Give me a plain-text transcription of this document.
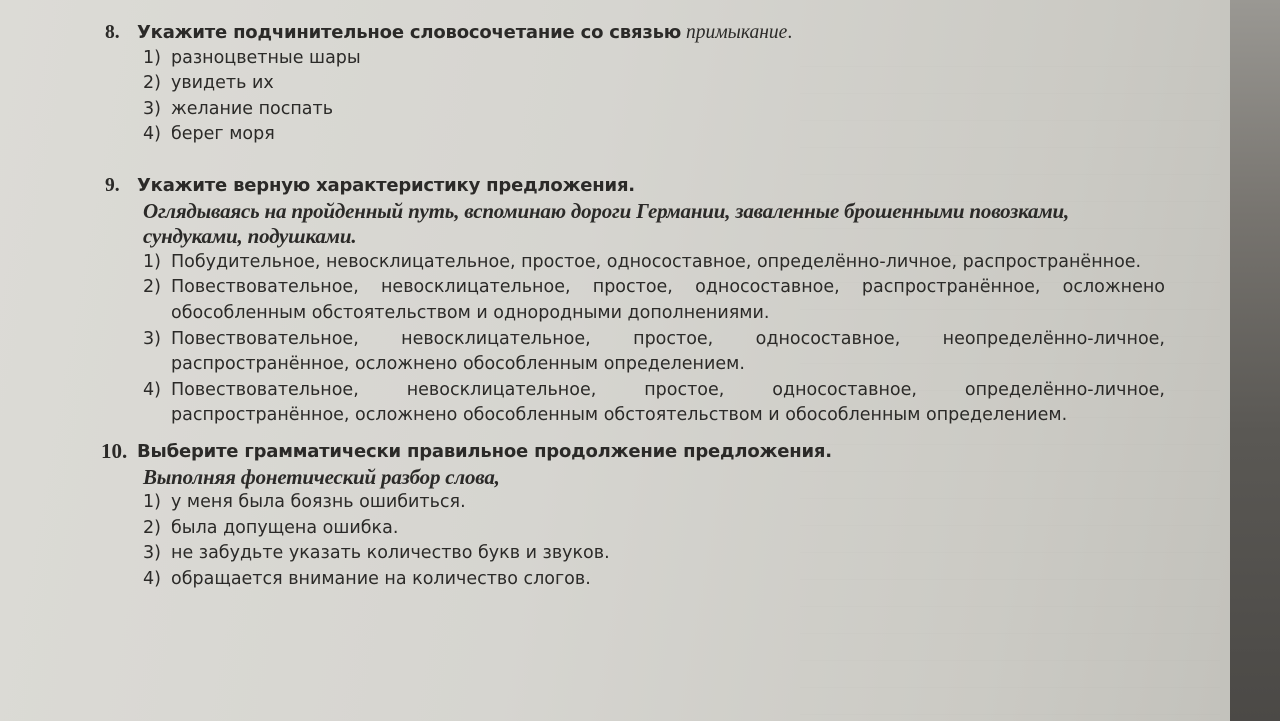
8. Укажите подчинительное словосочетание со связью примыкание.
1) разноцветные шары
2) увидеть их
3) желание поспать
4) берег моря
9. Укажите верную характеристику предложения.
Оглядываясь на пройденный путь, вспоминаю дороги Германии, заваленные брошенными повозками, сундуками, подушками.
1) Побудительное, невосклицательное, простое, односоставное, определённо-личное, распространённое.
2) Повествовательное, невосклицательное, простое, односоставное, распространённое, осложнено обособленным обстоятельством и однородными дополнениями.
3) Повествовательное, невосклицательное, простое, односоставное, неопределённо-личное, распространённое, осложнено обособленным определением.
4) Повествовательное, невосклицательное, простое, односоставное, определённо-личное, распространённое, осложнено обособленным обстоятельством и обособленным определением.
10. Выберите грамматически правильное продолжение предложения.
Выполняя фонетический разбор слова,
1) у меня была боязнь ошибиться.
2) была допущена ошибка.
3) не забудьте указать количество букв и звуков.
4) обращается внимание на количество слогов.
